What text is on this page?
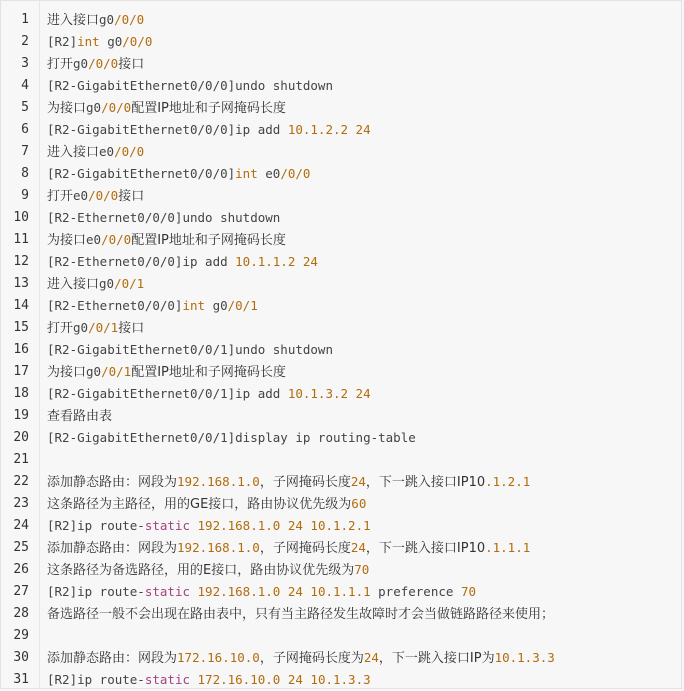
1 进入接口g0/0/0
2 [R2]int g0/0/0
3 打开g0/0/0接口
4 [R2-GigabitEthernet0/0/0]undo shutdown
5 为接口g0/0/0配置IP地址和子网掩码长度
6 [R2-GigabitEthernet0/0/0]ip add 10.1.2.2 24
7 进入接口e0/0/0
8 [R2-GigabitEthernet0/0/0]int e0/0/0
9 打开e0/0/0接口
10 [R2-Ethernet0/0/0]undo shutdown
11 为接口e0/0/0配置IP地址和子网掩码长度
12 [R2-Ethernet0/0/0]ip add 10.1.1.2 24
13 进入接口g0/0/1
14 [R2-Ethernet0/0/0]int g0/0/1
15 打开g0/0/1接口
16 [R2-GigabitEthernet0/0/1]undo shutdown
17 为接口g0/0/1配置IP地址和子网掩码长度
18 [R2-GigabitEthernet0/0/1]ip add 10.1.3.2 24
19 查看路由表
20 [R2-GigabitEthernet0/0/1]display ip routing-table
21
22 添加静态路由：网段为192.168.1.0，子网掩码长度24，下一跳入接口IP10.1.2.1
23 这条路径为主路径，用的GE接口，路由协议优先级为60
24 [R2]ip route-static 192.168.1.0 24 10.1.2.1
25 添加静态路由：网段为192.168.1.0，子网掩码长度24，下一跳入接口IP10.1.1.1
26 这条路径为备选路径，用的E接口，路由协议优先级为70
27 [R2]ip route-static 192.168.1.0 24 10.1.1.1 preference 70
28 备选路径一般不会出现在路由表中，只有当主路径发生故障时才会当做链路路径来使用；
29
30 添加静态路由：网段为172.16.10.0，子网掩码长度为24，下一跳入接口IP为10.1.3.3
31 [R2]ip route-static 172.16.10.0 24 10.1.3.3
